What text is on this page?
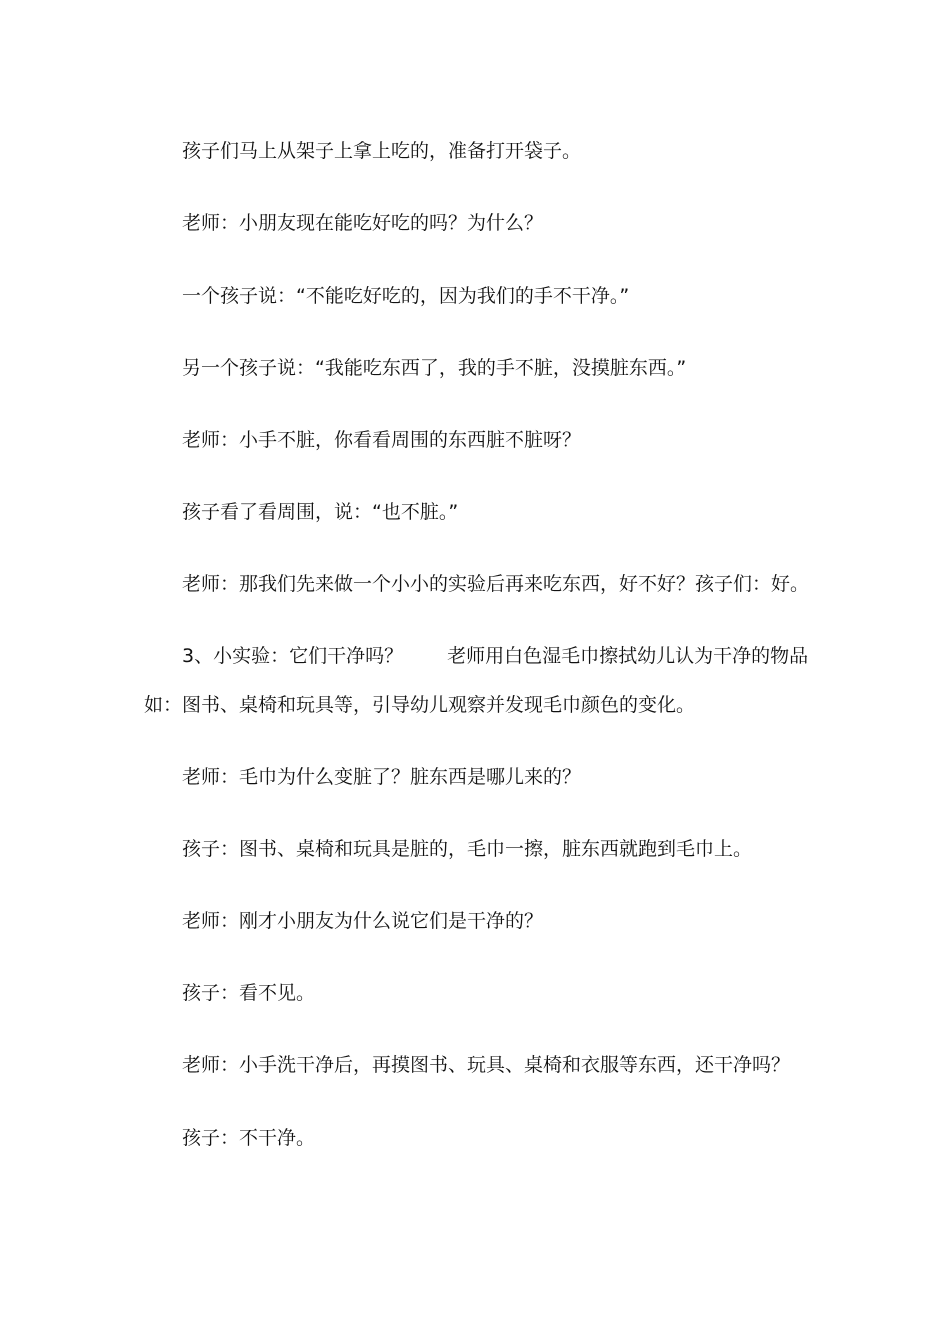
孩子们马上从架子上拿上吃的，准备打开袋子。
老师：小朋友现在能吃好吃的吗？为什么？
一个孩子说：“不能吃好吃的，因为我们的手不干净。”
另一个孩子说：“我能吃东西了，我的手不脏，没摸脏东西。”
老师：小手不脏，你看看周围的东西脏不脏呀？
孩子看了看周围，说：“也不脏。”
老师：那我们先来做一个小小的实验后再来吃东西，好不好？孩子们：好。
3、小实验：它们干净吗？ 老师用白色湿毛巾擦拭幼儿认为干净的物品
如：图书、桌椅和玩具等，引导幼儿观察并发现毛巾颜色的变化。
老师：毛巾为什么变脏了？脏东西是哪儿来的？
孩子：图书、桌椅和玩具是脏的，毛巾一擦，脏东西就跑到毛巾上。
老师：刚才小朋友为什么说它们是干净的？
孩子：看不见。
老师：小手洗干净后，再摸图书、玩具、桌椅和衣服等东西，还干净吗？
孩子：不干净。
